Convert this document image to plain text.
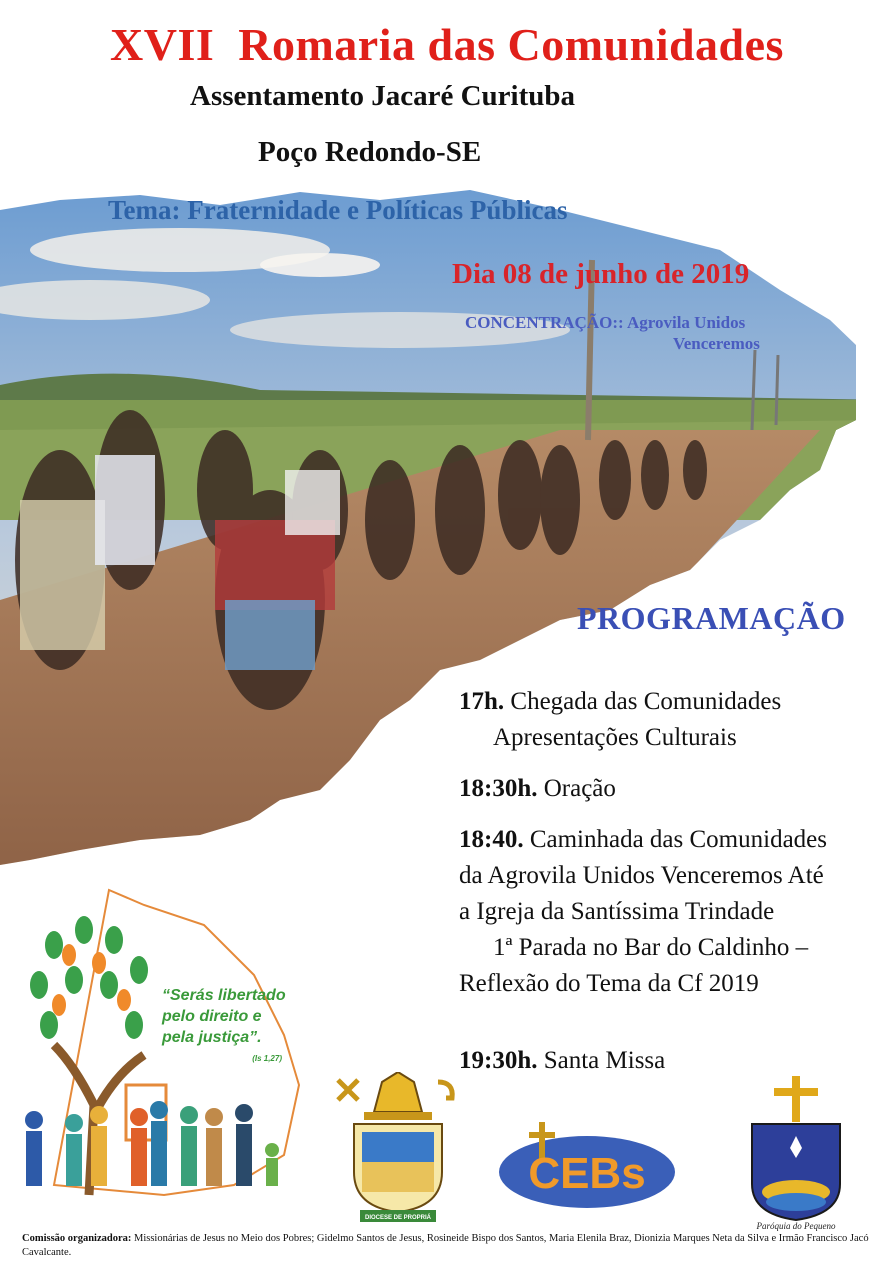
XVII  Romaria das Comunidades
Assentamento Jacaré Curituba
Poço Redondo-SE
Tema: Fraternidade e Políticas Públicas
Dia 08 de junho de 2019
CONCENTRAÇÃO:: Agrovila Unidos
Venceremos
PROGRAMAÇÃO
17h. Chegada das Comunidades
Apresentações Culturais
18:30h. Oração
18:40. Caminhada das Comunidades
da Agrovila Unidos Venceremos Até
a Igreja da Santíssima Trindade
1ª Parada no Bar do Caldinho –
Reflexão do Tema da Cf 2019
19:30h. Santa Missa
“Serás libertado
pelo direito e
pela justiça”.
(Is 1,27)
DIOCESE DE PROPRIÁ
CEBs
Paróquia do Pequeno
Comissão organizadora: Missionárias de Jesus no Meio dos Pobres; Gidelmo Santos de Jesus, Rosineide Bispo dos Santos, Maria Elenila Braz, Dionizia Marques Neta da Silva e Irmão Francisco Jacó Cavalcante.
